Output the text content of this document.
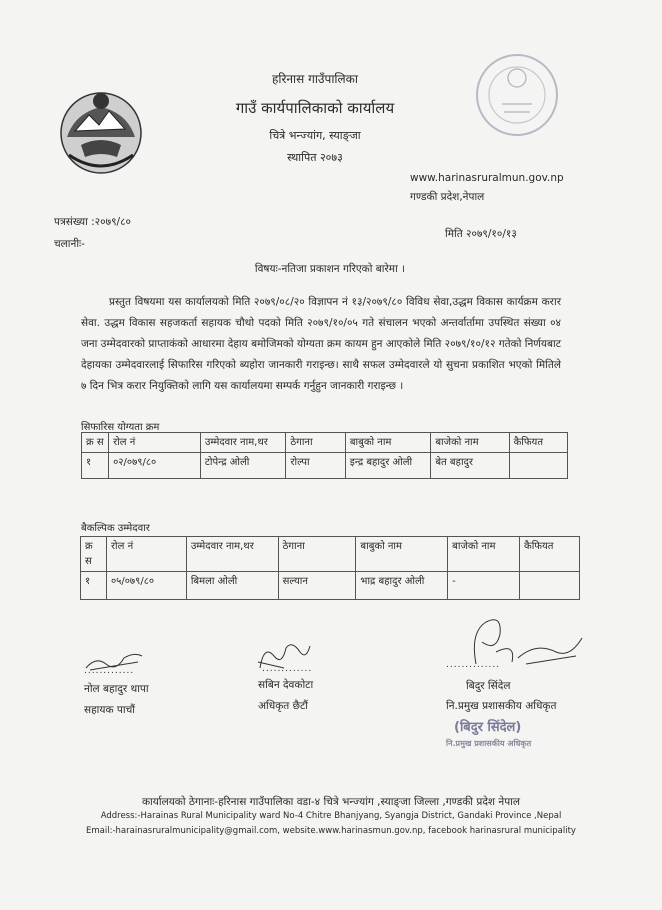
हरिनास गाउँपालिका
गाउँ कार्यपालिकाको कार्यालय
चित्रे भन्ज्यांग, स्याङ्जा
स्थापित २०७३
www.harinasruralmun.gov.np
गण्डकी प्रदेश,नेपाल
पत्रसंख्या :२०७९/८०
चलानीः-
मिति २०७९/१०/१३
विषयः-नतिजा प्रकाशन गरिएको बारेमा ।
प्रस्तुत विषयमा यस कार्यालयको मिति २०७९/०८/२० विज्ञापन नं १३/२०७९/८० विविध सेवा,उद्धम विकास कार्यक्रम करार सेवा. उद्धम विकास सहजकर्ता सहायक चौथो पदको मिति २०७९/१०/०५ गते संचालन भएको अन्तर्वार्तामा उपस्थित संख्या ०४ जना उम्मेदवारको प्राप्ताकंको आधारमा देहाय बमोजिमको योग्यता क्रम कायम हुन आएकोले मिति २०७९/१०/१२ गतेको निर्णयबाट देहायका उम्मेदवारलाई सिफारिस गरिएको ब्यहोरा जानकारी गराइन्छ। साथै सफल उम्मेदवारले यो सुचना प्रकाशित भएको मितिले ७ दिन भित्र करार नियुक्तिको लागि यस कार्यालयमा सम्पर्क गर्नुहुन जानकारी गराइन्छ ।
सिफारिस योग्यता क्रम
क्र स	रोल नं	उम्मेदवार नाम,थर	ठेगाना	बाबुको नाम	बाजेको नाम	कैफियत
१	०२/०७९/८०	टोपेन्द्र ओली	रोल्पा	इन्द्र बहादुर ओली	बेत बहादुर	
बैकल्पिक उम्मेदवार
क्र स	रोल नं	उम्मेदवार नाम,थर	ठेगाना	बाबुको नाम	बाजेको नाम	कैफियत
१	०५/०७९/८०	बिमला ओली	सल्यान	भाद्र बहादुर ओली	-	
.............	.............	..............
नोल बहादुर थापा
सहायक पाचौं
सबिन देवकोटा
अधिकृत छैटौं
बिदुर सिंदेल
नि.प्रमुख प्रशासकीय अधिकृत
(बिदुर सिंदेल)
नि.प्रमुख प्रशासकीय अधिकृत
कार्यालयको ठेगानाः-हरिनास गाउँपालिका वडा-४ चित्रे भन्ज्यांग ,स्याङ्जा जिल्ला ,गण्डकी प्रदेश नेपाल
Address:-Harainas Rural Municipality ward No-4 Chitre Bhanjyang, Syangja District, Gandaki Province ,Nepal
Email:-harainasruralmunicipality@gmail.com, website.www.harinasmun.gov.np, facebook harinasrural municipality
